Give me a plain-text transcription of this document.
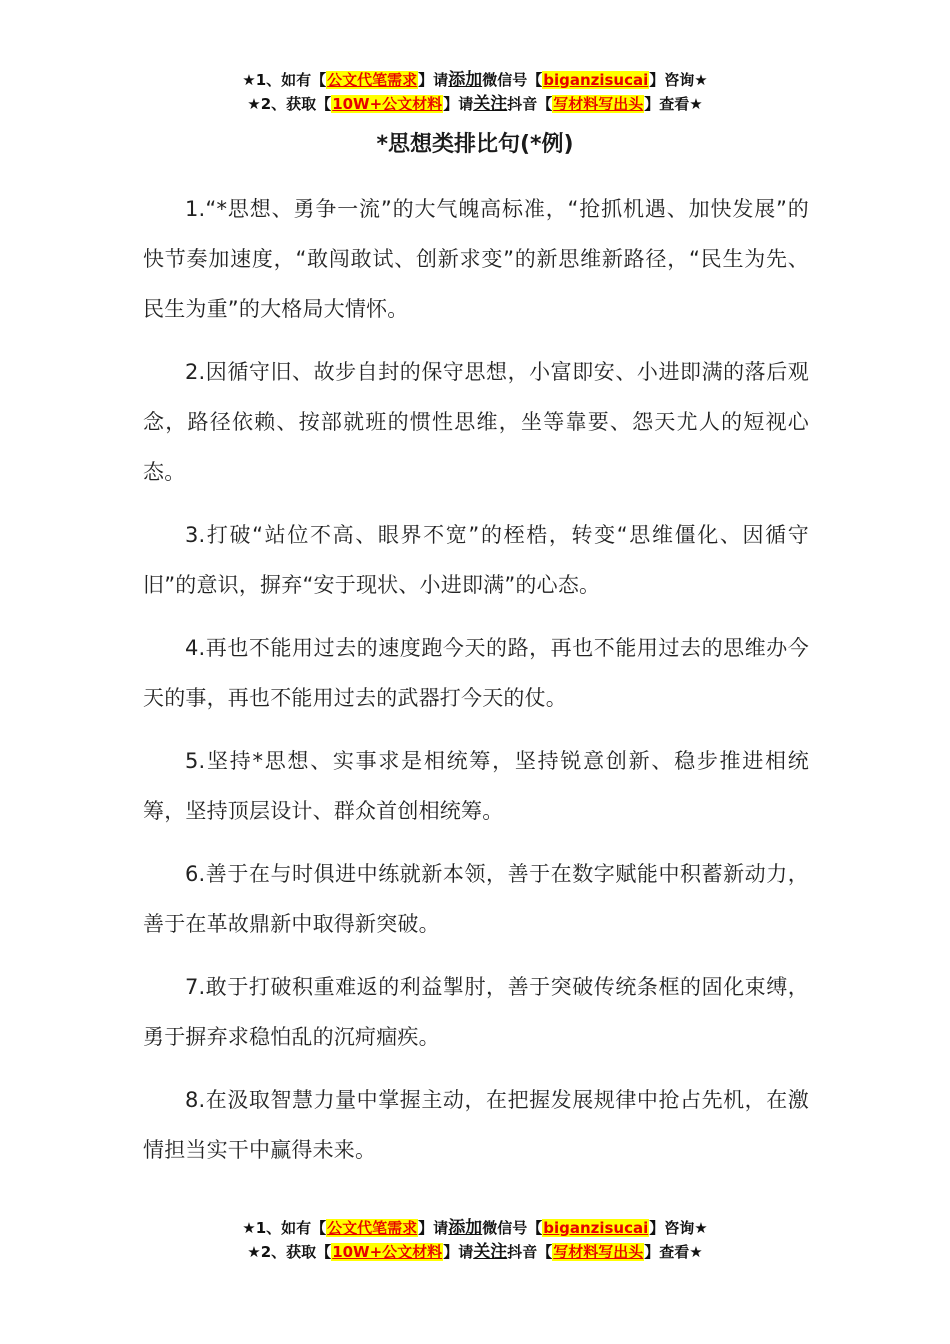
★1、如有【公文代笔需求】请添加微信号【biganzisucai】咨询★
★2、获取【10W+公文材料】请关注抖音【写材料写出头】查看★
*思想类排比句(*例)

1.“*思想、勇争一流”的大气魄高标准，“抢抓机遇、加快发展”的快节奏加速度，“敢闯敢试、创新求变”的新思维新路径，“民生为先、民生为重”的大格局大情怀。

2.因循守旧、故步自封的保守思想，小富即安、小进即满的落后观念，路径依赖、按部就班的惯性思维，坐等靠要、怨天尤人的短视心态。

3.打破“站位不高、眼界不宽”的桎梏，转变“思维僵化、因循守旧”的意识，摒弃“安于现状、小进即满”的心态。

4.再也不能用过去的速度跑今天的路，再也不能用过去的思维办今天的事，再也不能用过去的武器打今天的仗。

5.坚持*思想、实事求是相统筹，坚持锐意创新、稳步推进相统筹，坚持顶层设计、群众首创相统筹。

6.善于在与时俱进中练就新本领，善于在数字赋能中积蓄新动力，善于在革故鼎新中取得新突破。

7.敢于打破积重难返的利益掣肘，善于突破传统条框的固化束缚，勇于摒弃求稳怕乱的沉疴痼疾。

8.在汲取智慧力量中掌握主动，在把握发展规律中抢占先机，在激情担当实干中赢得未来。

★1、如有【公文代笔需求】请添加微信号【biganzisucai】咨询★
★2、获取【10W+公文材料】请关注抖音【写材料写出头】查看★
